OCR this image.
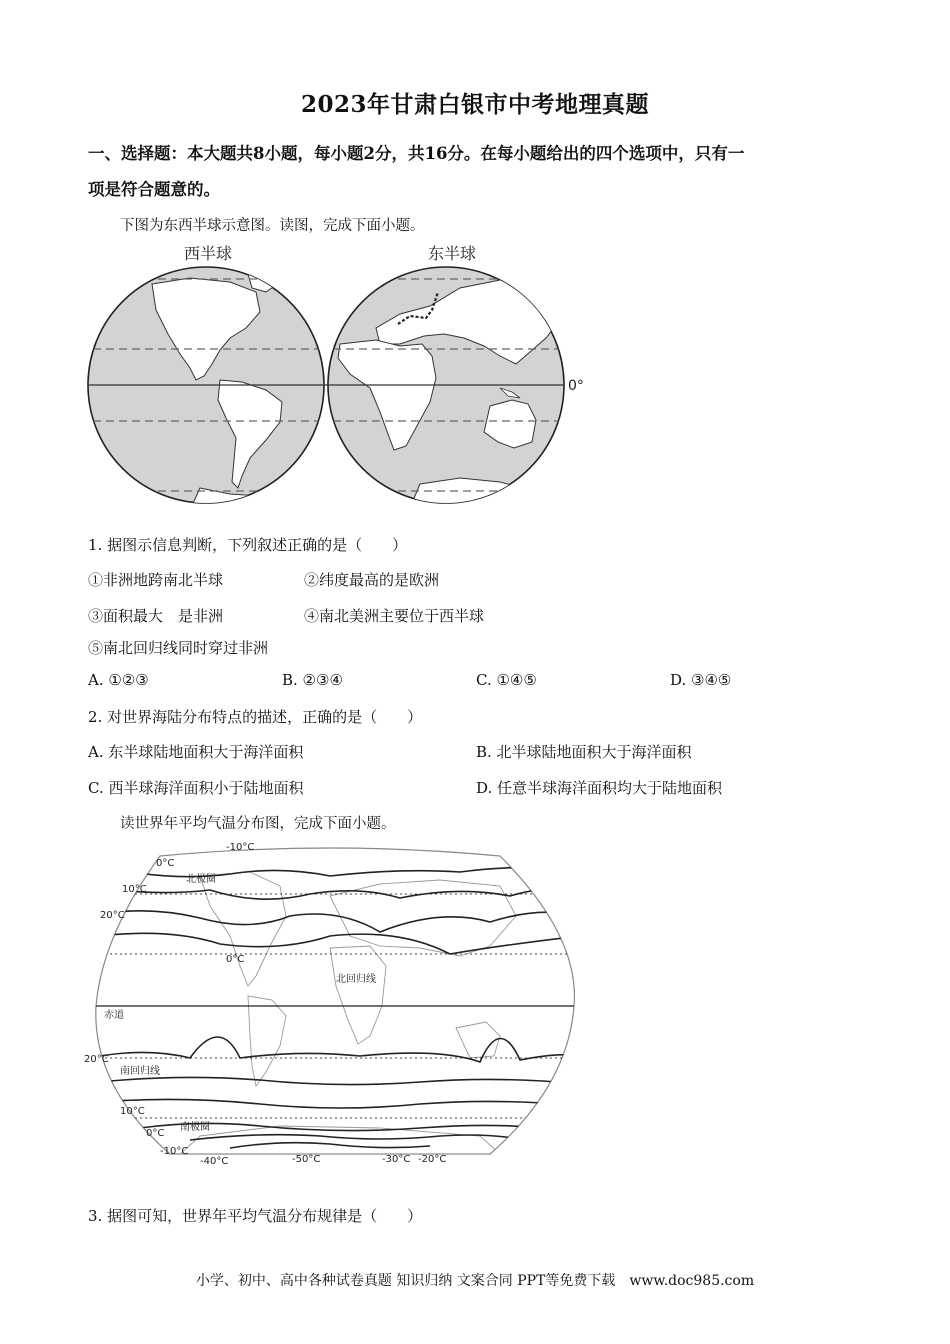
2023年甘肃白银市中考地理真题
一、选择题：本大题共8小题，每小题2分，共16分。在每小题给出的四个选项中，只有一
项是符合题意的。
下图为东西半球示意图。读图，完成下面小题。
西半球	东半球
0°
1. 据图示信息判断，下列叙述正确的是（　　）
①非洲地跨南北半球	②纬度最高的是欧洲
③面积最大　是非洲	④南北美洲主要位于西半球
⑤南北回归线同时穿过非洲
A. ①②③	B. ②③④	C. ①④⑤	D. ③④⑤
2. 对世界海陆分布特点的描述，正确的是（　　）
A. 东半球陆地面积大于海洋面积	B. 北半球陆地面积大于海洋面积
C. 西半球海洋面积小于陆地面积	D. 任意半球海洋面积均大于陆地面积
读世界年平均气温分布图，完成下面小题。
-10°C
0°C
10°C
20°C
0°C
20°C
10°C
0°C
-10°C
-40°C	-50°C	-30°C -20°C
北极圈
北回归线
赤道
南回归线
南极圈
3. 据图可知，世界年平均气温分布规律是（　　）
小学、初中、高中各种试卷真题 知识归纳 文案合同 PPT等免费下载　www.doc985.com
